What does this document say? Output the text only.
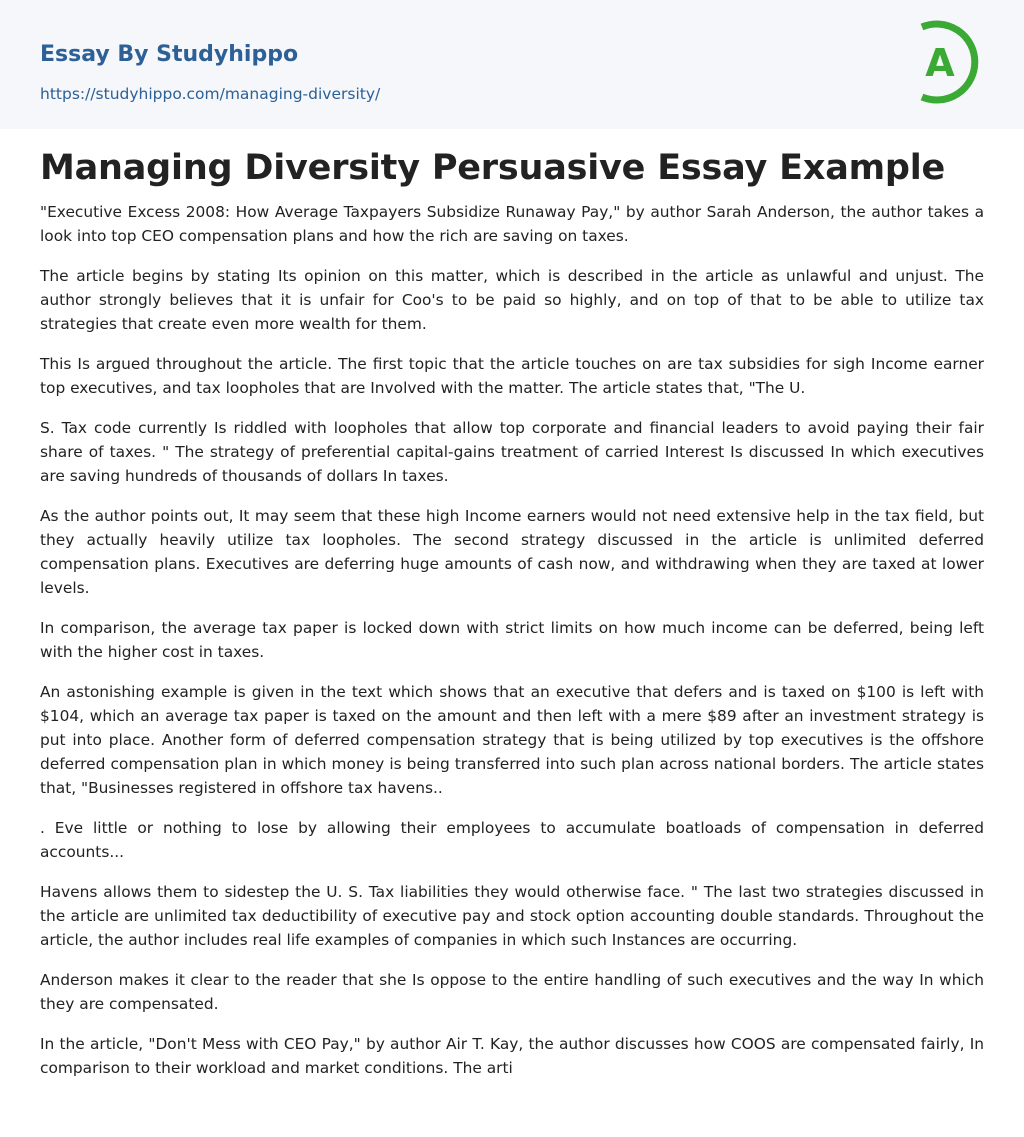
Essay By Studyhippo
https://studyhippo.com/managing-diversity/
A
Managing Diversity Persuasive Essay Example

"Executive Excess 2008: How Average Taxpayers Subsidize Runaway Pay," by author Sarah Anderson, the author takes a look into top CEO compensation plans and how the rich are saving on taxes.

The article begins by stating Its opinion on this matter, which is described in the article as unlawful and unjust. The author strongly believes that it is unfair for Coo's to be paid so highly, and on top of that to be able to utilize tax strategies that create even more wealth for them.

This Is argued throughout the article. The first topic that the article touches on are tax subsidies for sigh Income earner top executives, and tax loopholes that are Involved with the matter. The article states that, "The U.

S. Tax code currently Is riddled with loopholes that allow top corporate and financial leaders to avoid paying their fair share of taxes. " The strategy of preferential capital-gains treatment of carried Interest Is discussed In which executives are saving hundreds of thousands of dollars In taxes.

As the author points out, It may seem that these high Income earners would not need extensive help in the tax field, but they actually heavily utilize tax loopholes. The second strategy discussed in the article is unlimited deferred compensation plans. Executives are deferring huge amounts of cash now, and withdrawing when they are taxed at lower levels.

In comparison, the average tax paper is locked down with strict limits on how much income can be deferred, being left with the higher cost in taxes.

An astonishing example is given in the text which shows that an executive that defers and is taxed on $100 is left with $104, which an average tax paper is taxed on the amount and then left with a mere $89 after an investment strategy is put into place. Another form of deferred compensation strategy that is being utilized by top executives is the offshore deferred compensation plan in which money is being transferred into such plan across national borders. The article states that, "Businesses registered in offshore tax havens..

. Eve little or nothing to lose by allowing their employees to accumulate boatloads of compensation in deferred accounts...

Havens allows them to sidestep the U. S. Tax liabilities they would otherwise face. " The last two strategies discussed in the article are unlimited tax deductibility of executive pay and stock option accounting double standards. Throughout the article, the author includes real life examples of companies in which such Instances are occurring.

Anderson makes it clear to the reader that she Is oppose to the entire handling of such executives and the way In which they are compensated.

In the article, "Don't Mess with CEO Pay," by author Air T. Kay, the author discusses how COOS are compensated fairly, In comparison to their workload and market conditions. The arti
